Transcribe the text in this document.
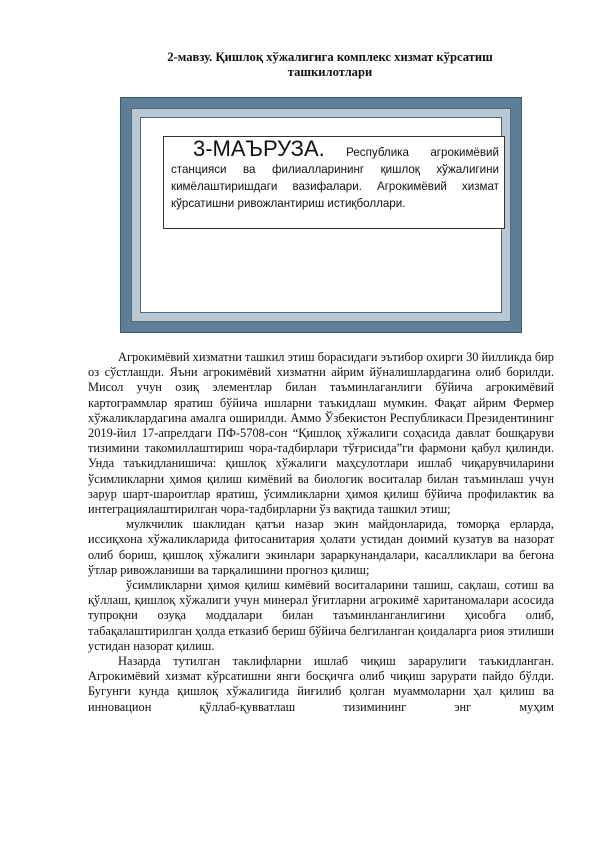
2-мавзу. Қишлоқ хўжалигига комплекс хизмат кўрсатиш
ташкилотлари
3-МАЪРУЗА. Республика агрокимёвий станцияси ва филиалларининг қишлоқ хўжалигини кимёлаштиришдаги вазифалари. Агрокимёвий хизмат кўрсатишни ривожлантириш истиқболлари.

Агрокимёвий хизматни ташкил этиш борасидаги эътибор охирги 30 йилликда бир оз сўстлашди. Яъни агрокимёвий хизматни айрим йўналишлардагина олиб борилди. Мисол учун озиқ элементлар билан таъминлаганлиги бўйича агрокимёвий картограммлар яратиш бўйича ишларни таъкидлаш мумкин. Фақат айрим Фермер хўжаликлардагина амалга оширилди. Аммо Ўзбекистон Республикаси Президентининг 2019-йил 17-апрелдаги ПФ-5708-сон “Қишлоқ хўжалиги соҳасида давлат бошқаруви тизимини такомиллаштириш чора-тадбирлари тўғрисида”ги фармони қабул қилинди. Унда таъкидланишича: қишлоқ хўжалиги маҳсулотлари ишлаб чиқарувчиларини ўсимликларни ҳимоя қилиш кимёвий ва биологик воситалар билан таъминлаш учун зарур шарт-шароитлар яратиш, ўсимликларни ҳимоя қилиш бўйича профилактик ва интеграциялаштирилган чора-тадбирларни ўз вақтида ташкил этиш;

мулкчилик шаклидан қатъи назар экин майдонларида, томорқа ерларда, иссиқхона хўжаликларида фитосанитария ҳолати устидан доимий кузатув ва назорат олиб бориш, қишлоқ хўжалиги экинлари зараркунандалари, касалликлари ва бегона ўтлар ривожланиши ва тарқалишини прогноз қилиш;

ўсимликларни ҳимоя қилиш кимёвий воситаларини ташиш, сақлаш, сотиш ва қўллаш, қишлоқ хўжалиги учун минерал ўғитларни агрокимё хаританомалари асосида тупроқни озуқа моддалари билан таъминланганлигини ҳисобга олиб, табақалаштирилган ҳолда етказиб бериш бўйича белгиланган қоидаларга риоя этилиши устидан назорат қилиш.

Назарда тутилган таклифларни ишлаб чиқиш зарарулиги таъкидланган. Агрокимёвий хизмат кўрсатишни янги босқичга олиб чиқиш зарурати пайдо бўлди. Бугунги кунда қишлоқ хўжалигида йиғилиб қолган муаммоларни ҳал қилиш ва инновацион қўллаб-қувватлаш тизимининг энг муҳим
